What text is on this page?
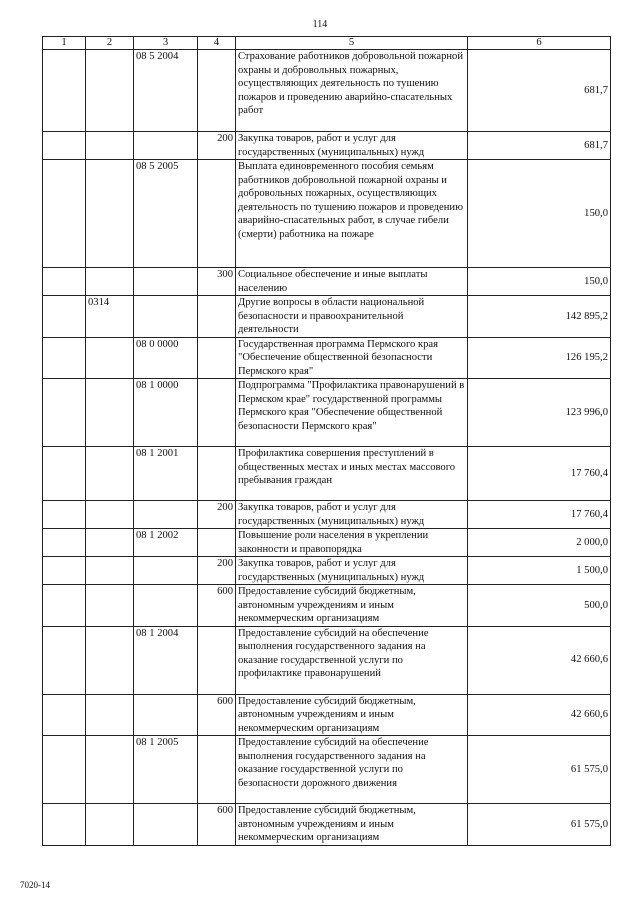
114
1	2	3	4	5	6
		08 5 2004		Страхование работников добровольной пожарной охраны и добровольных пожарных, осуществляющих деятельность по тушению пожаров и проведению аварийно-спасательных работ	681,7
			200	Закупка товаров, работ и услуг для государственных (муниципальных) нужд	681,7
		08 5 2005		Выплата единовременного пособия семьям работников добровольной пожарной охраны и добровольных пожарных, осуществляющих деятельность по тушению пожаров и проведению аварийно-спасательных работ, в случае гибели (смерти) работника на пожаре	150,0
			300	Социальное обеспечение и иные выплаты населению	150,0
	0314			Другие вопросы в области национальной безопасности и правоохранительной деятельности	142 895,2
		08 0 0000		Государственная программа Пермского края "Обеспечение общественной безопасности Пермского края"	126 195,2
		08 1 0000		Подпрограмма "Профилактика правонарушений в Пермском крае" государственной программы Пермского края "Обеспечение общественной безопасности Пермского края"	123 996,0
		08 1 2001		Профилактика совершения преступлений в общественных местах и иных местах массового пребывания граждан	17 760,4
			200	Закупка товаров, работ и услуг для государственных (муниципальных) нужд	17 760,4
		08 1 2002		Повышение роли населения в укреплении законности и правопорядка	2 000,0
			200	Закупка товаров, работ и услуг для государственных (муниципальных) нужд	1 500,0
			600	Предоставление субсидий бюджетным, автономным учреждениям и иным некоммерческим организациям	500,0
		08 1 2004		Предоставление субсидий на обеспечение выполнения государственного задания на оказание государственной услуги по профилактике правонарушений	42 660,6
			600	Предоставление субсидий бюджетным, автономным учреждениям и иным некоммерческим организациям	42 660,6
		08 1 2005		Предоставление субсидий на обеспечение выполнения государственного задания на оказание государственной услуги по безопасности дорожного движения	61 575,0
			600	Предоставление субсидий бюджетным, автономным учреждениям и иным некоммерческим организациям	61 575,0
7020-14
